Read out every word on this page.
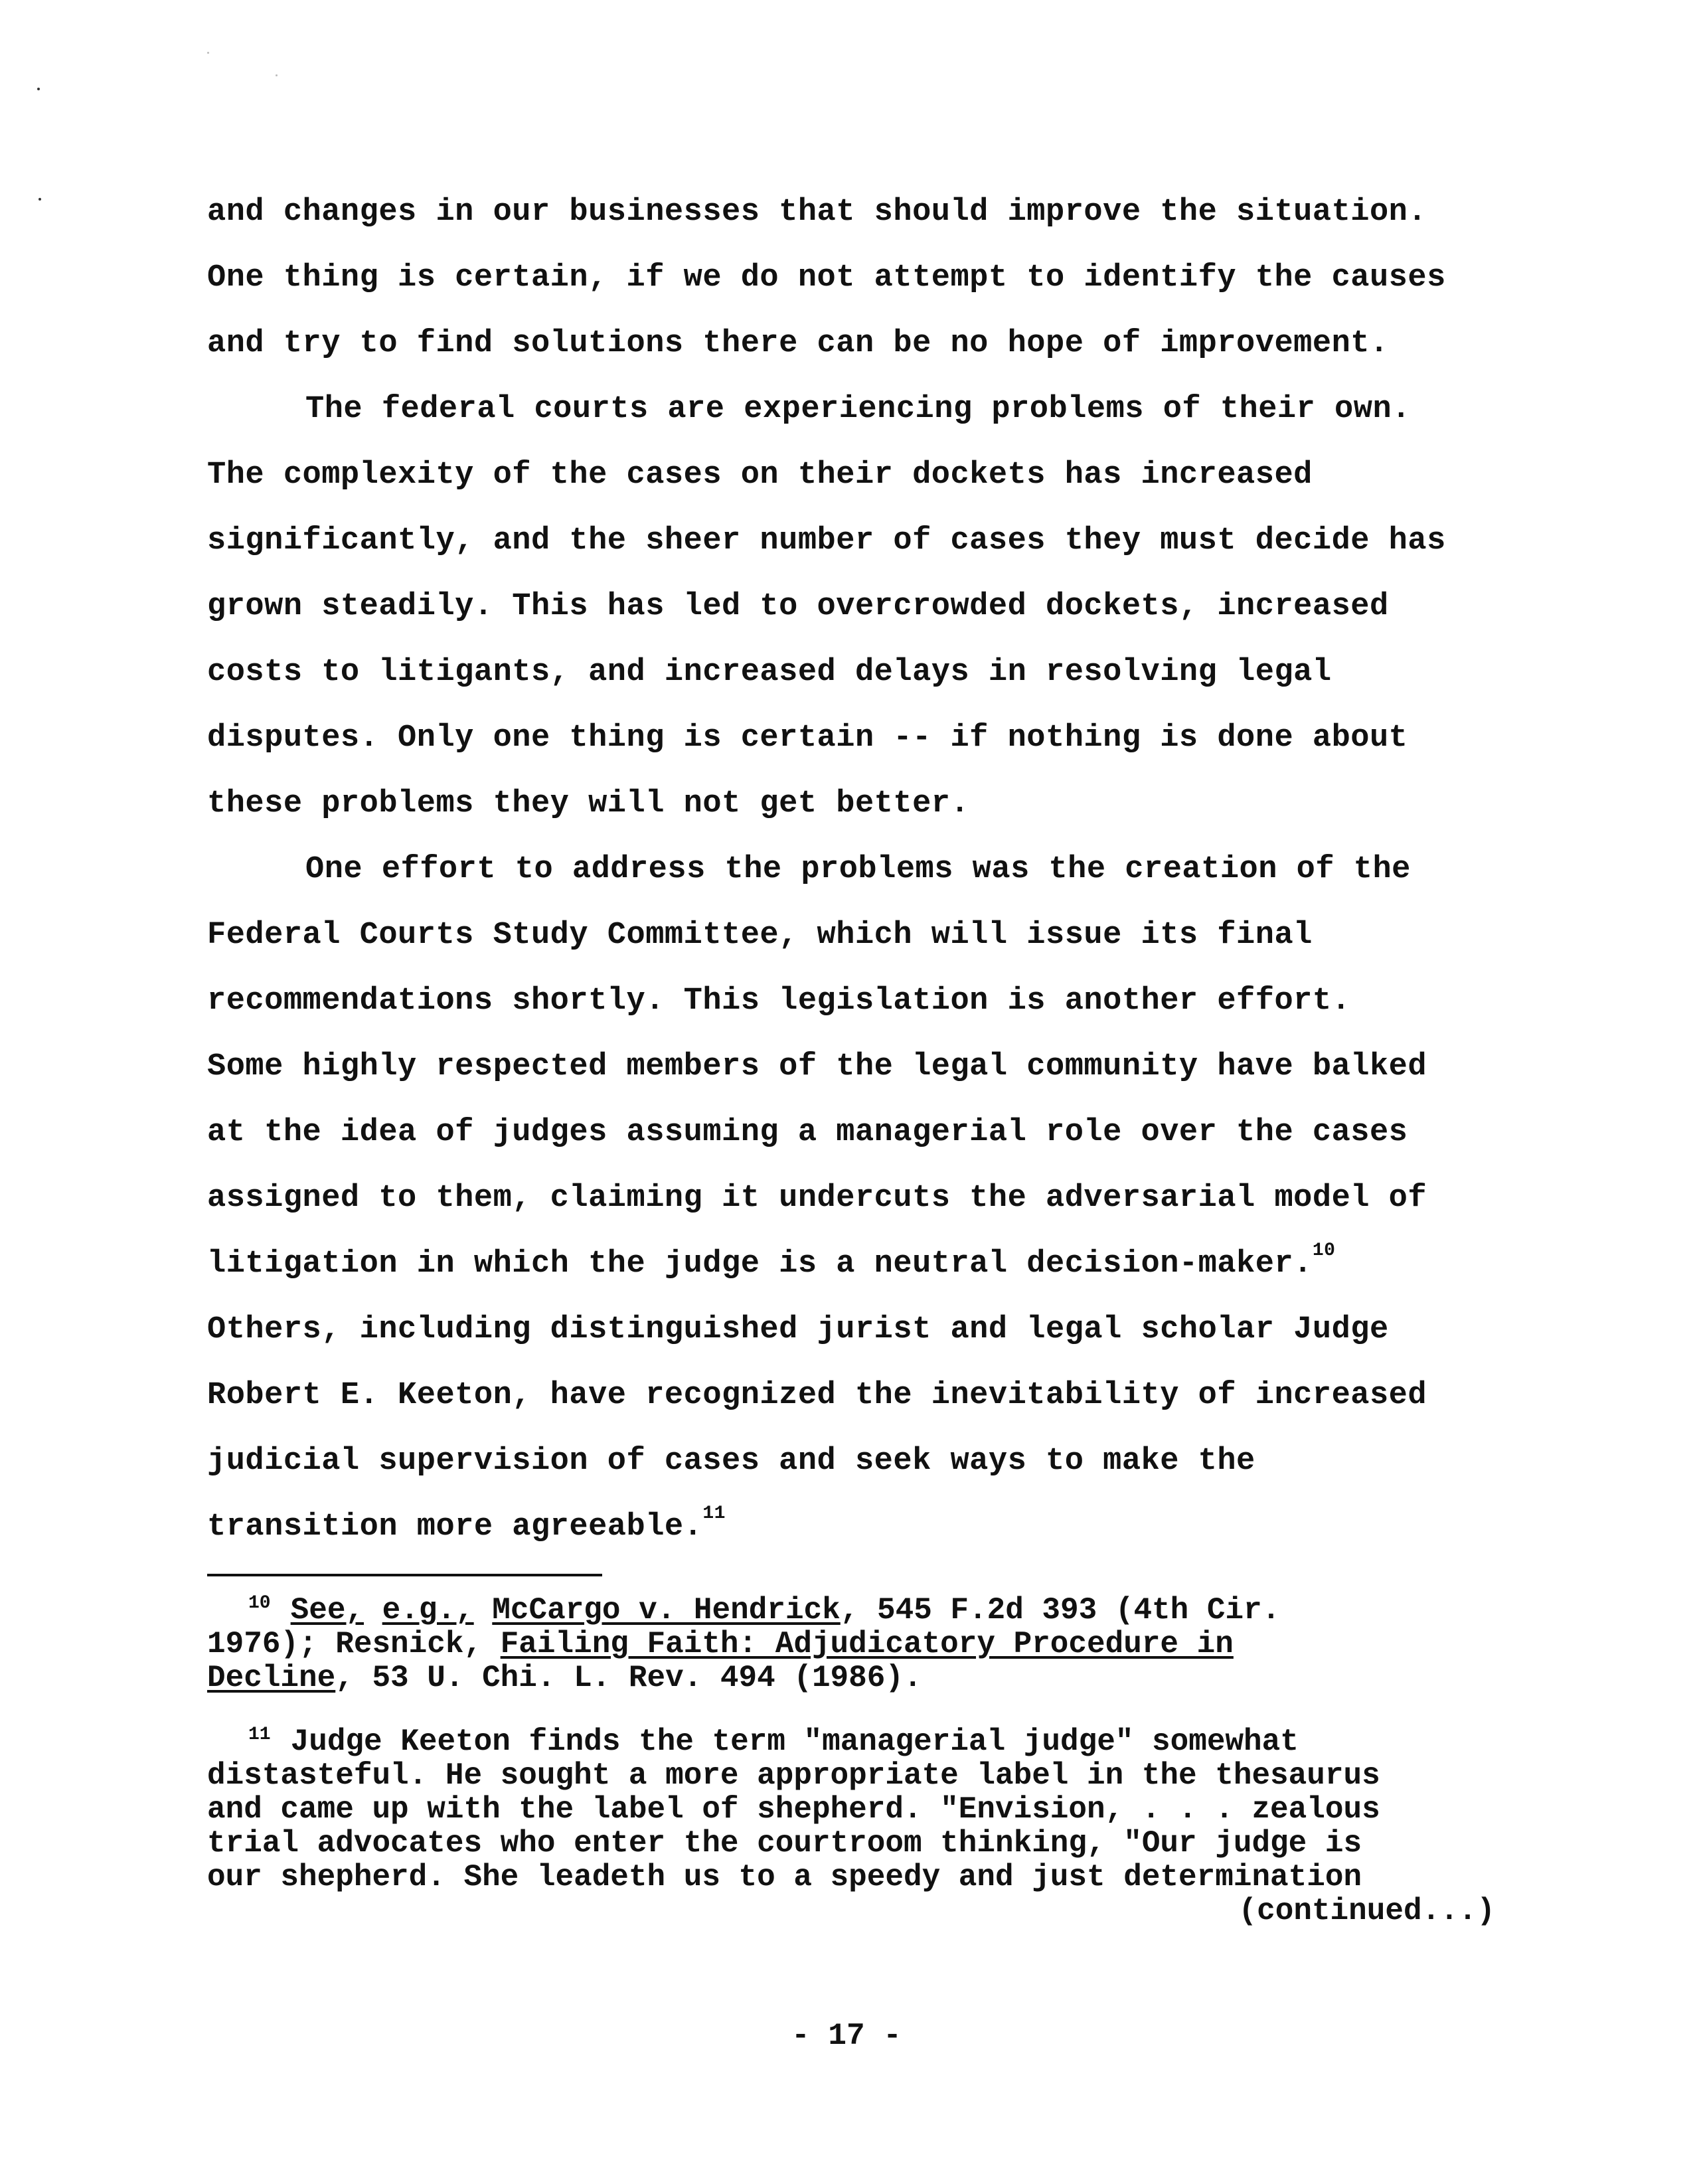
and changes in our businesses that should improve the situation.
One thing is certain, if we do not attempt to identify the causes
and try to find solutions there can be no hope of improvement.
The federal courts are experiencing problems of their own.
The complexity of the cases on their dockets has increased
significantly, and the sheer number of cases they must decide has
grown steadily. This has led to overcrowded dockets, increased
costs to litigants, and increased delays in resolving legal
disputes. Only one thing is certain -- if nothing is done about
these problems they will not get better.
One effort to address the problems was the creation of the
Federal Courts Study Committee, which will issue its final
recommendations shortly. This legislation is another effort.
Some highly respected members of the legal community have balked
at the idea of judges assuming a managerial role over the cases
assigned to them, claiming it undercuts the adversarial model of
litigation in which the judge is a neutral decision-maker.$^{10}$
Others, including distinguished jurist and legal scholar Judge
Robert E. Keeton, have recognized the inevitability of increased
judicial supervision of cases and seek ways to make the
transition more agreeable.$^{11}$
$^{10}$ See, e.g., McCargo v. Hendrick, 545 F.2d 393 (4th Cir.
1976); Resnick, Failing Faith: Adjudicatory Procedure in
Decline, 53 U. Chi. L. Rev. 494 (1986).
$^{11}$ Judge Keeton finds the term "managerial judge" somewhat
distasteful. He sought a more appropriate label in the thesaurus
and came up with the label of shepherd. "Envision, . . . zealous
trial advocates who enter the courtroom thinking, "Our judge is
our shepherd. She leadeth us to a speedy and just determination
(continued...)
- 17 -
